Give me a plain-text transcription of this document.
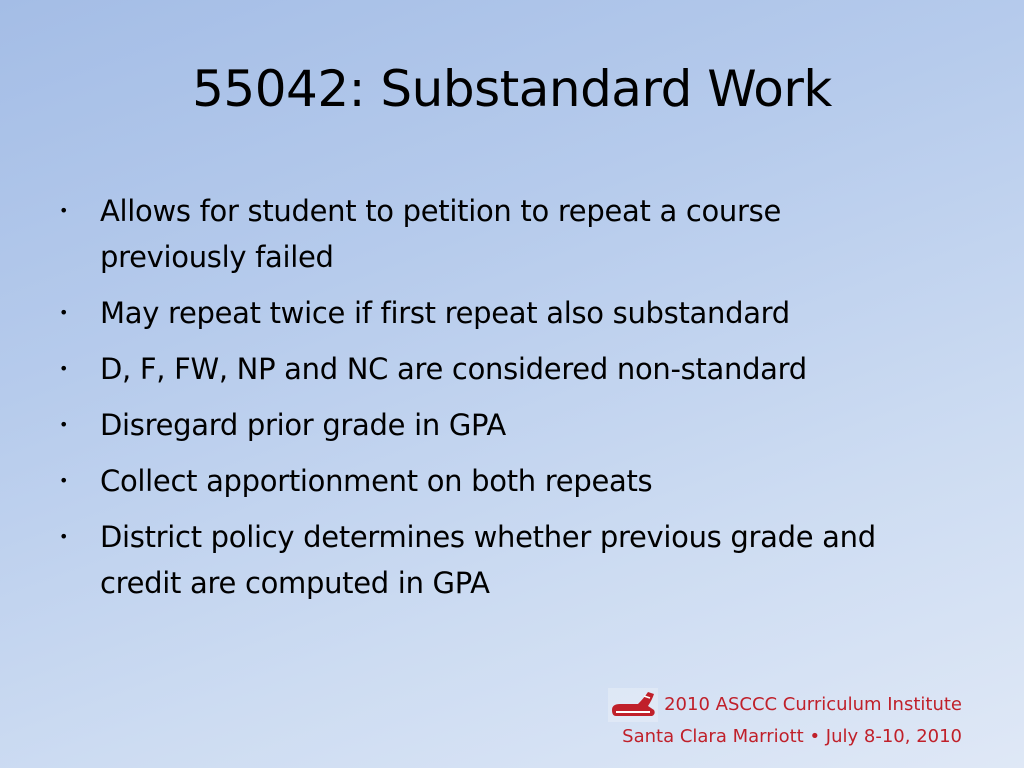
55042: Substandard Work
• Allows for student to petition to repeat a course previously failed
• May repeat twice if first repeat also substandard
• D, F, FW, NP and NC are considered non-standard
• Disregard prior grade in GPA
• Collect apportionment on both repeats
• District policy determines whether previous grade and credit are computed in GPA
2010 ASCCC Curriculum Institute
Santa Clara Marriott • July 8-10, 2010
